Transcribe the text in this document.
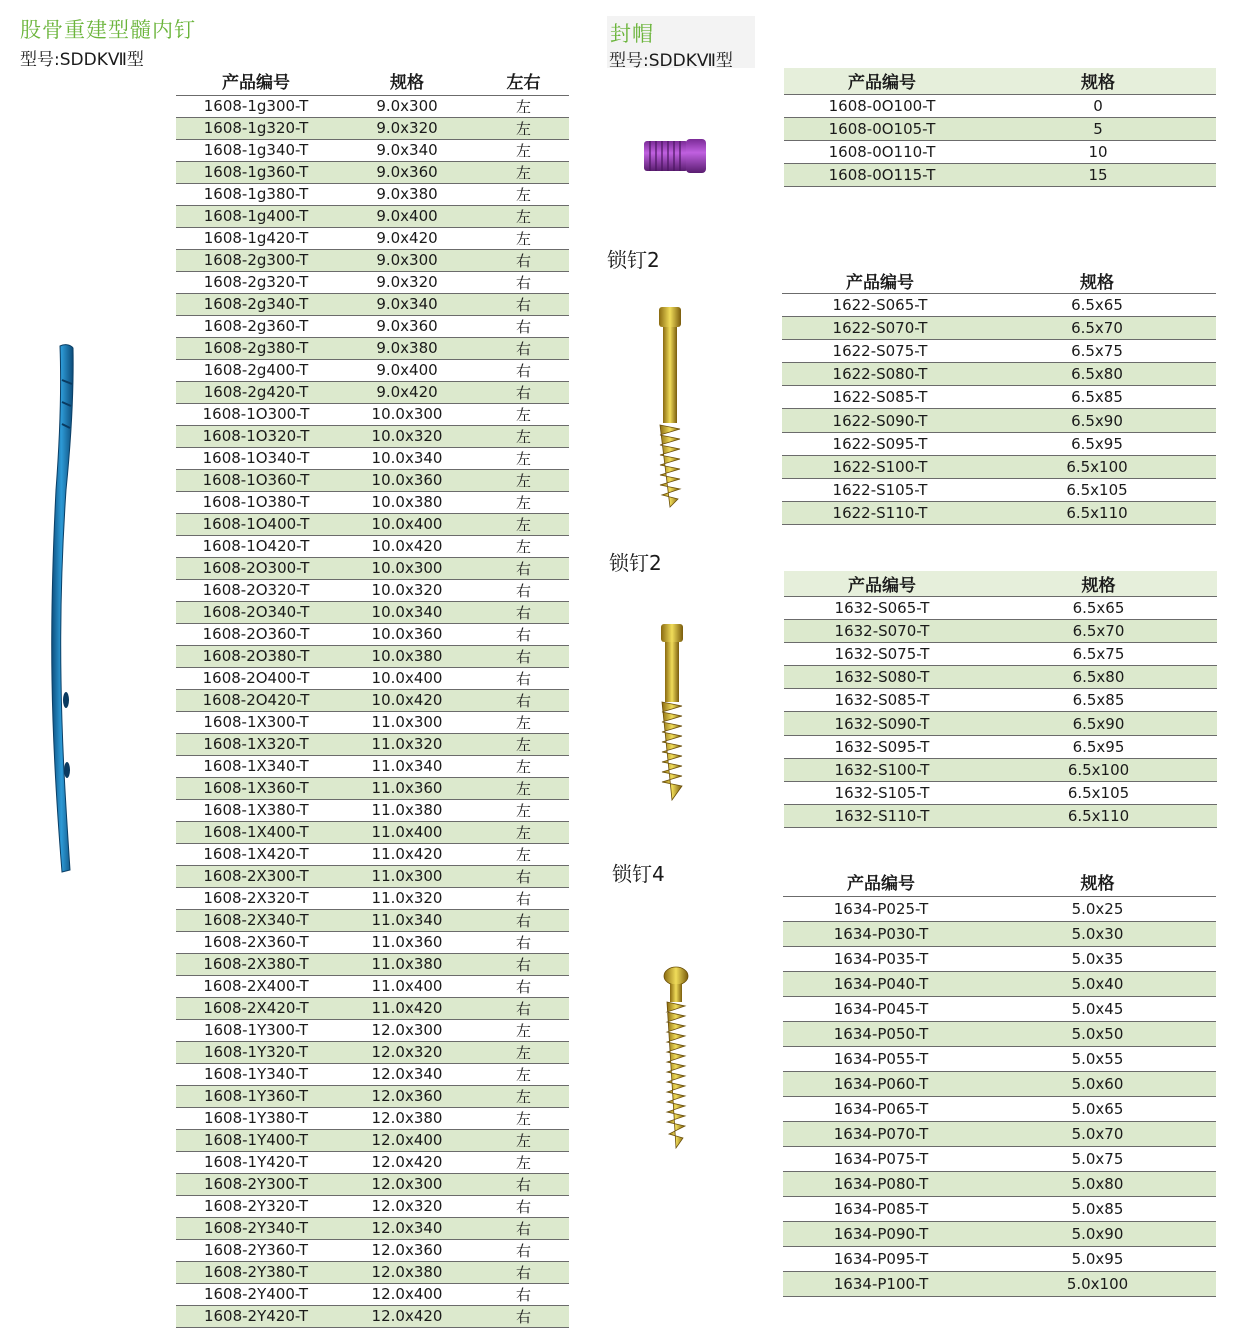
股骨重建型髓内钉
型号:SDDKⅦ型
产品编号	规格	左右
1608-1g300-T	9.0x300	左
1608-1g320-T	9.0x320	左
1608-1g340-T	9.0x340	左
1608-1g360-T	9.0x360	左
1608-1g380-T	9.0x380	左
1608-1g400-T	9.0x400	左
1608-1g420-T	9.0x420	左
1608-2g300-T	9.0x300	右
1608-2g320-T	9.0x320	右
1608-2g340-T	9.0x340	右
1608-2g360-T	9.0x360	右
1608-2g380-T	9.0x380	右
1608-2g400-T	9.0x400	右
1608-2g420-T	9.0x420	右
1608-1O300-T	10.0x300	左
1608-1O320-T	10.0x320	左
1608-1O340-T	10.0x340	左
1608-1O360-T	10.0x360	左
1608-1O380-T	10.0x380	左
1608-1O400-T	10.0x400	左
1608-1O420-T	10.0x420	左
1608-2O300-T	10.0x300	右
1608-2O320-T	10.0x320	右
1608-2O340-T	10.0x340	右
1608-2O360-T	10.0x360	右
1608-2O380-T	10.0x380	右
1608-2O400-T	10.0x400	右
1608-2O420-T	10.0x420	右
1608-1X300-T	11.0x300	左
1608-1X320-T	11.0x320	左
1608-1X340-T	11.0x340	左
1608-1X360-T	11.0x360	左
1608-1X380-T	11.0x380	左
1608-1X400-T	11.0x400	左
1608-1X420-T	11.0x420	左
1608-2X300-T	11.0x300	右
1608-2X320-T	11.0x320	右
1608-2X340-T	11.0x340	右
1608-2X360-T	11.0x360	右
1608-2X380-T	11.0x380	右
1608-2X400-T	11.0x400	右
1608-2X420-T	11.0x420	右
1608-1Y300-T	12.0x300	左
1608-1Y320-T	12.0x320	左
1608-1Y340-T	12.0x340	左
1608-1Y360-T	12.0x360	左
1608-1Y380-T	12.0x380	左
1608-1Y400-T	12.0x400	左
1608-1Y420-T	12.0x420	左
1608-2Y300-T	12.0x300	右
1608-2Y320-T	12.0x320	右
1608-2Y340-T	12.0x340	右
1608-2Y360-T	12.0x360	右
1608-2Y380-T	12.0x380	右
1608-2Y400-T	12.0x400	右
1608-2Y420-T	12.0x420	右
封帽
型号:SDDKⅦ型
产品编号	规格
1608-0O100-T	0
1608-0O105-T	5
1608-0O110-T	10
1608-0O115-T	15
锁钉2
产品编号	规格
1622-S065-T	6.5x65
1622-S070-T	6.5x70
1622-S075-T	6.5x75
1622-S080-T	6.5x80
1622-S085-T	6.5x85
1622-S090-T	6.5x90
1622-S095-T	6.5x95
1622-S100-T	6.5x100
1622-S105-T	6.5x105
1622-S110-T	6.5x110
锁钉2
产品编号	规格
1632-S065-T	6.5x65
1632-S070-T	6.5x70
1632-S075-T	6.5x75
1632-S080-T	6.5x80
1632-S085-T	6.5x85
1632-S090-T	6.5x90
1632-S095-T	6.5x95
1632-S100-T	6.5x100
1632-S105-T	6.5x105
1632-S110-T	6.5x110
锁钉4	产品编号	规格
1634-P025-T	5.0x25
1634-P030-T	5.0x30
1634-P035-T	5.0x35
1634-P040-T	5.0x40
1634-P045-T	5.0x45
1634-P050-T	5.0x50
1634-P055-T	5.0x55
1634-P060-T	5.0x60
1634-P065-T	5.0x65
1634-P070-T	5.0x70
1634-P075-T	5.0x75
1634-P080-T	5.0x80
1634-P085-T	5.0x85
1634-P090-T	5.0x90
1634-P095-T	5.0x95
1634-P100-T	5.0x100
